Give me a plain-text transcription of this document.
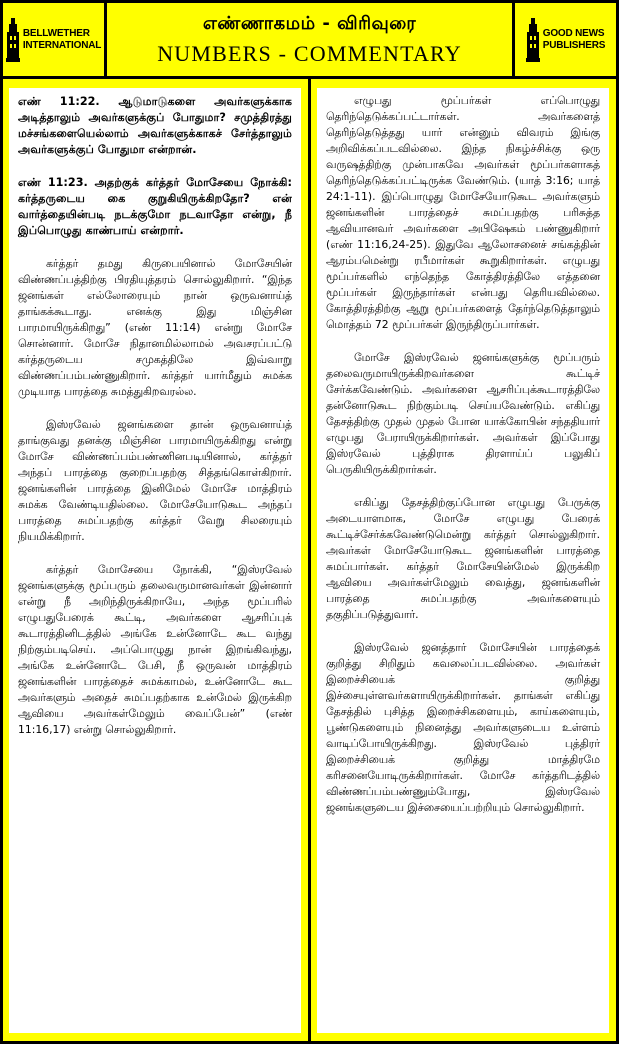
BELLWETHER
INTERNATIONAL
எண்ணாகமம் - விரிவுரை
NUMBERS - COMMENTARY
GOOD NEWS
PUBLISHERS

எண் 11:22. ஆடுமாடுகளை அவர்களுக்காக அடித்தாலும் அவர்களுக்குப் போதுமா? சமுத்திரத்து மச்சங்களையெல்லாம் அவர்களுக்காகச் சேர்த்தாலும் அவர்களுக்குப் போதுமா என்றான்.

எண் 11:23. அதற்குக் கர்த்தர் மோசேயை நோக்கி: கர்த்தருடைய கை குறுகியிருக்கிறதோ? என் வார்த்தையின்படி நடக்குமோ நடவாதோ என்று, நீ இப்பொழுது காண்பாய் என்றார்.

கர்த்தர் தமது கிருபையினால் மோசேயின் விண்ணப்பத்திற்கு பிரதியுத்தரம் சொல்லுகிறார். “இந்த ஜனங்கள் எல்லோரையும் நான் ஒருவனாய்த் தாங்கக்கூடாது. எனக்கு இது மிஞ்சின பாரமாயிருக்கிறது” (எண் 11:14) என்று மோசே சொன்னார். மோசே நிதானமில்லாமல் அவசரப்பட்டு கர்த்தருடைய சமுகத்திலே இவ்வாறு விண்ணப்பம்பண்ணுகிறார். கர்த்தர் யார்மீதும் சுமக்க முடியாத பாரத்தை சுமத்துகிறவரல்ல.

இஸ்ரவேல் ஜனங்களை தான் ஒருவனாய்த் தாங்குவது தனக்கு மிஞ்சின பாரமாயிருக்கிறது என்று மோசே விண்ணப்பம்பண்ணினபடியினால், கர்த்தர் அந்தப் பாரத்தை குறைப்பதற்கு சித்தங்கொள்கிறார். ஜனங்களின் பாரத்தை இனிமேல் மோசே மாத்திரம் சுமக்க வேண்டியதில்லை. மோசேயோடுகூட அந்தப் பாரத்தை சுமப்பதற்கு கர்த்தர் வேறு சிலரையும் நியமிக்கிறார்.

கர்த்தர் மோசேயை நோக்கி, “இஸ்ரவேல் ஜனங்களுக்கு மூப்பரும் தலைவருமானவர்கள் இன்னார் என்று நீ அறிந்திருக்கிறாயே, அந்த மூப்பரில் எழுபதுபேரைக் கூட்டி, அவர்களை ஆசரிப்புக் கூடாரத்தினிடத்தில் அங்கே உன்னோடே கூட வந்து நிற்கும்படிசெய். அப்பொழுது நான் இறங்கிவந்து, அங்கே உன்னோடே பேசி, நீ ஒருவன் மாத்திரம் ஜனங்களின் பாரத்தைச் சுமக்காமல், உன்னோடே கூட அவர்களும் அதைச் சுமப்பதற்காக உன்மேல் இருக்கிற ஆவியை அவர்கள்மேலும் வைப்பேன்” (எண் 11:16,17) என்று சொல்லுகிறார்.

எழுபது மூப்பர்கள் எப்பொழுது தெரிந்தெடுக்கப்பட்டார்கள். அவர்களைத் தெரிந்தெடுத்தது யார் என்னும் விவரம் இங்கு அறிவிக்கப்படவில்லை. இந்த நிகழ்ச்சிக்கு ஒரு வருஷத்திற்கு முன்பாகவே அவர்கள் மூப்பர்களாகத் தெரிந்தெடுக்கப்பட்டிருக்க வேண்டும். (யாத் 3:16; யாத் 24:1-11). இப்பொழுது மோசேயோடுகூட அவர்களும் ஜனங்களின் பாரத்தைச் சுமப்பதற்கு பரிசுத்த ஆவியானவர் அவர்களை அபிஷேகம் பண்ணுகிறார் (எண் 11:16,24-25). இதுவே ஆலோசனைச் சங்கத்தின் ஆரம்பமென்று ரபீமார்கள் கூறுகிறார்கள். எழுபது மூப்பர்களில் எந்தெந்த கோத்திரத்திலே எத்தனை மூப்பர்கள் இருந்தார்கள் என்பது தெரியவில்லை. கோத்திரத்திற்கு ஆறு மூப்பர்களைத் தேர்ந்தெடுத்தாலும் மொத்தம் 72 மூப்பர்கள் இருந்திருப்பார்கள்.

மோசே இஸ்ரவேல் ஜனங்களுக்கு மூப்பரும் தலைவருமாயிருக்கிறவர்களை கூட்டிச் சேர்க்கவேண்டும். அவர்களை ஆசரிப்புக்கூடாரத்திலே தன்னோடுகூட நிற்கும்படி செய்யவேண்டும். எகிப்து தேசத்திற்கு முதல் முதல் போன யாக்கோபின் சந்ததியார் எழுபது பேராயிருக்கிறார்கள். அவர்கள் இப்போது இஸ்ரவேல் புத்திராக திரளாய்ப் பலுகிப் பெருகியிருக்கிறார்கள்.

எகிப்து தேசத்திற்குப்போன எழுபது பேருக்கு அடையாளமாக, மோசே எழுபது பேரைக் கூட்டிச்சேர்க்கவேண்டுமென்று கர்த்தர் சொல்லுகிறார். அவர்கள் மோசேயோடுகூட ஜனங்களின் பாரத்தை சுமப்பார்கள். கர்த்தர் மோசேயின்மேல் இருக்கிற ஆவியை அவர்கள்மேலும் வைத்து, ஜனங்களின் பாரத்தை சுமப்பதற்கு அவர்களையும் தகுதிப்படுத்துவார்.

இஸ்ரவேல் ஜனத்தார் மோசேயின் பாரத்தைக் குறித்து சிறிதும் கவலைப்படவில்லை. அவர்கள் இறைச்சியைக் குறித்து இச்சையுள்ளவர்களாயிருக்கிறார்கள். தாங்கள் எகிப்து தேசத்தில் புசித்த இறைச்சிகளையும், காய்களையும், பூண்டுகளையும் நினைத்து அவர்களுடைய உள்ளம் வாடிப்போயிருக்கிறது. இஸ்ரவேல் புத்திரர் இறைச்சியைக் குறித்து மாத்திரமே கரிசனையோடிருக்கிறார்கள். மோசே கர்த்தரிடத்தில் விண்ணப்பம்பண்ணும்போது, இஸ்ரவேல் ஜனங்களுடைய இச்சையைப்பற்றியும் சொல்லுகிறார்.
